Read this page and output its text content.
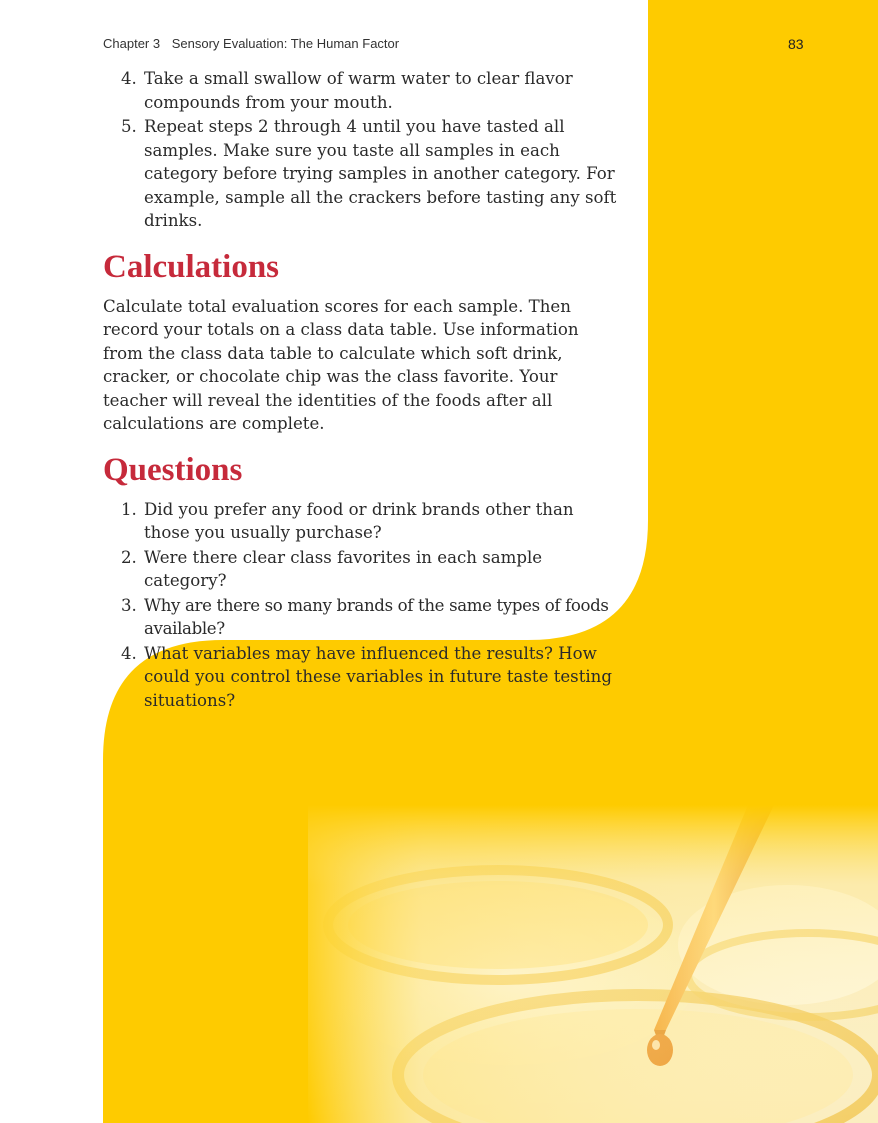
Chapter 3 Sensory Evaluation: The Human Factor	83
4. Take a small swallow of warm water to clear flavor compounds from your mouth.
5. Repeat steps 2 through 4 until you have tasted all samples. Make sure you taste all samples in each category before trying samples in another category. For example, sample all the crackers before tasting any soft drinks.
Calculations

Calculate total evaluation scores for each sample. Then record your totals on a class data table. Use information from the class data table to calculate which soft drink, cracker, or chocolate chip was the class favorite. Your teacher will reveal the identities of the foods after all calculations are complete.

Questions
1. Did you prefer any food or drink brands other than those you usually purchase?
2. Were there clear class favorites in each sample category?
3. Why are there so many brands of the same types of foods available?
4. What variables may have influenced the results? How could you control these variables in future taste testing situations?
